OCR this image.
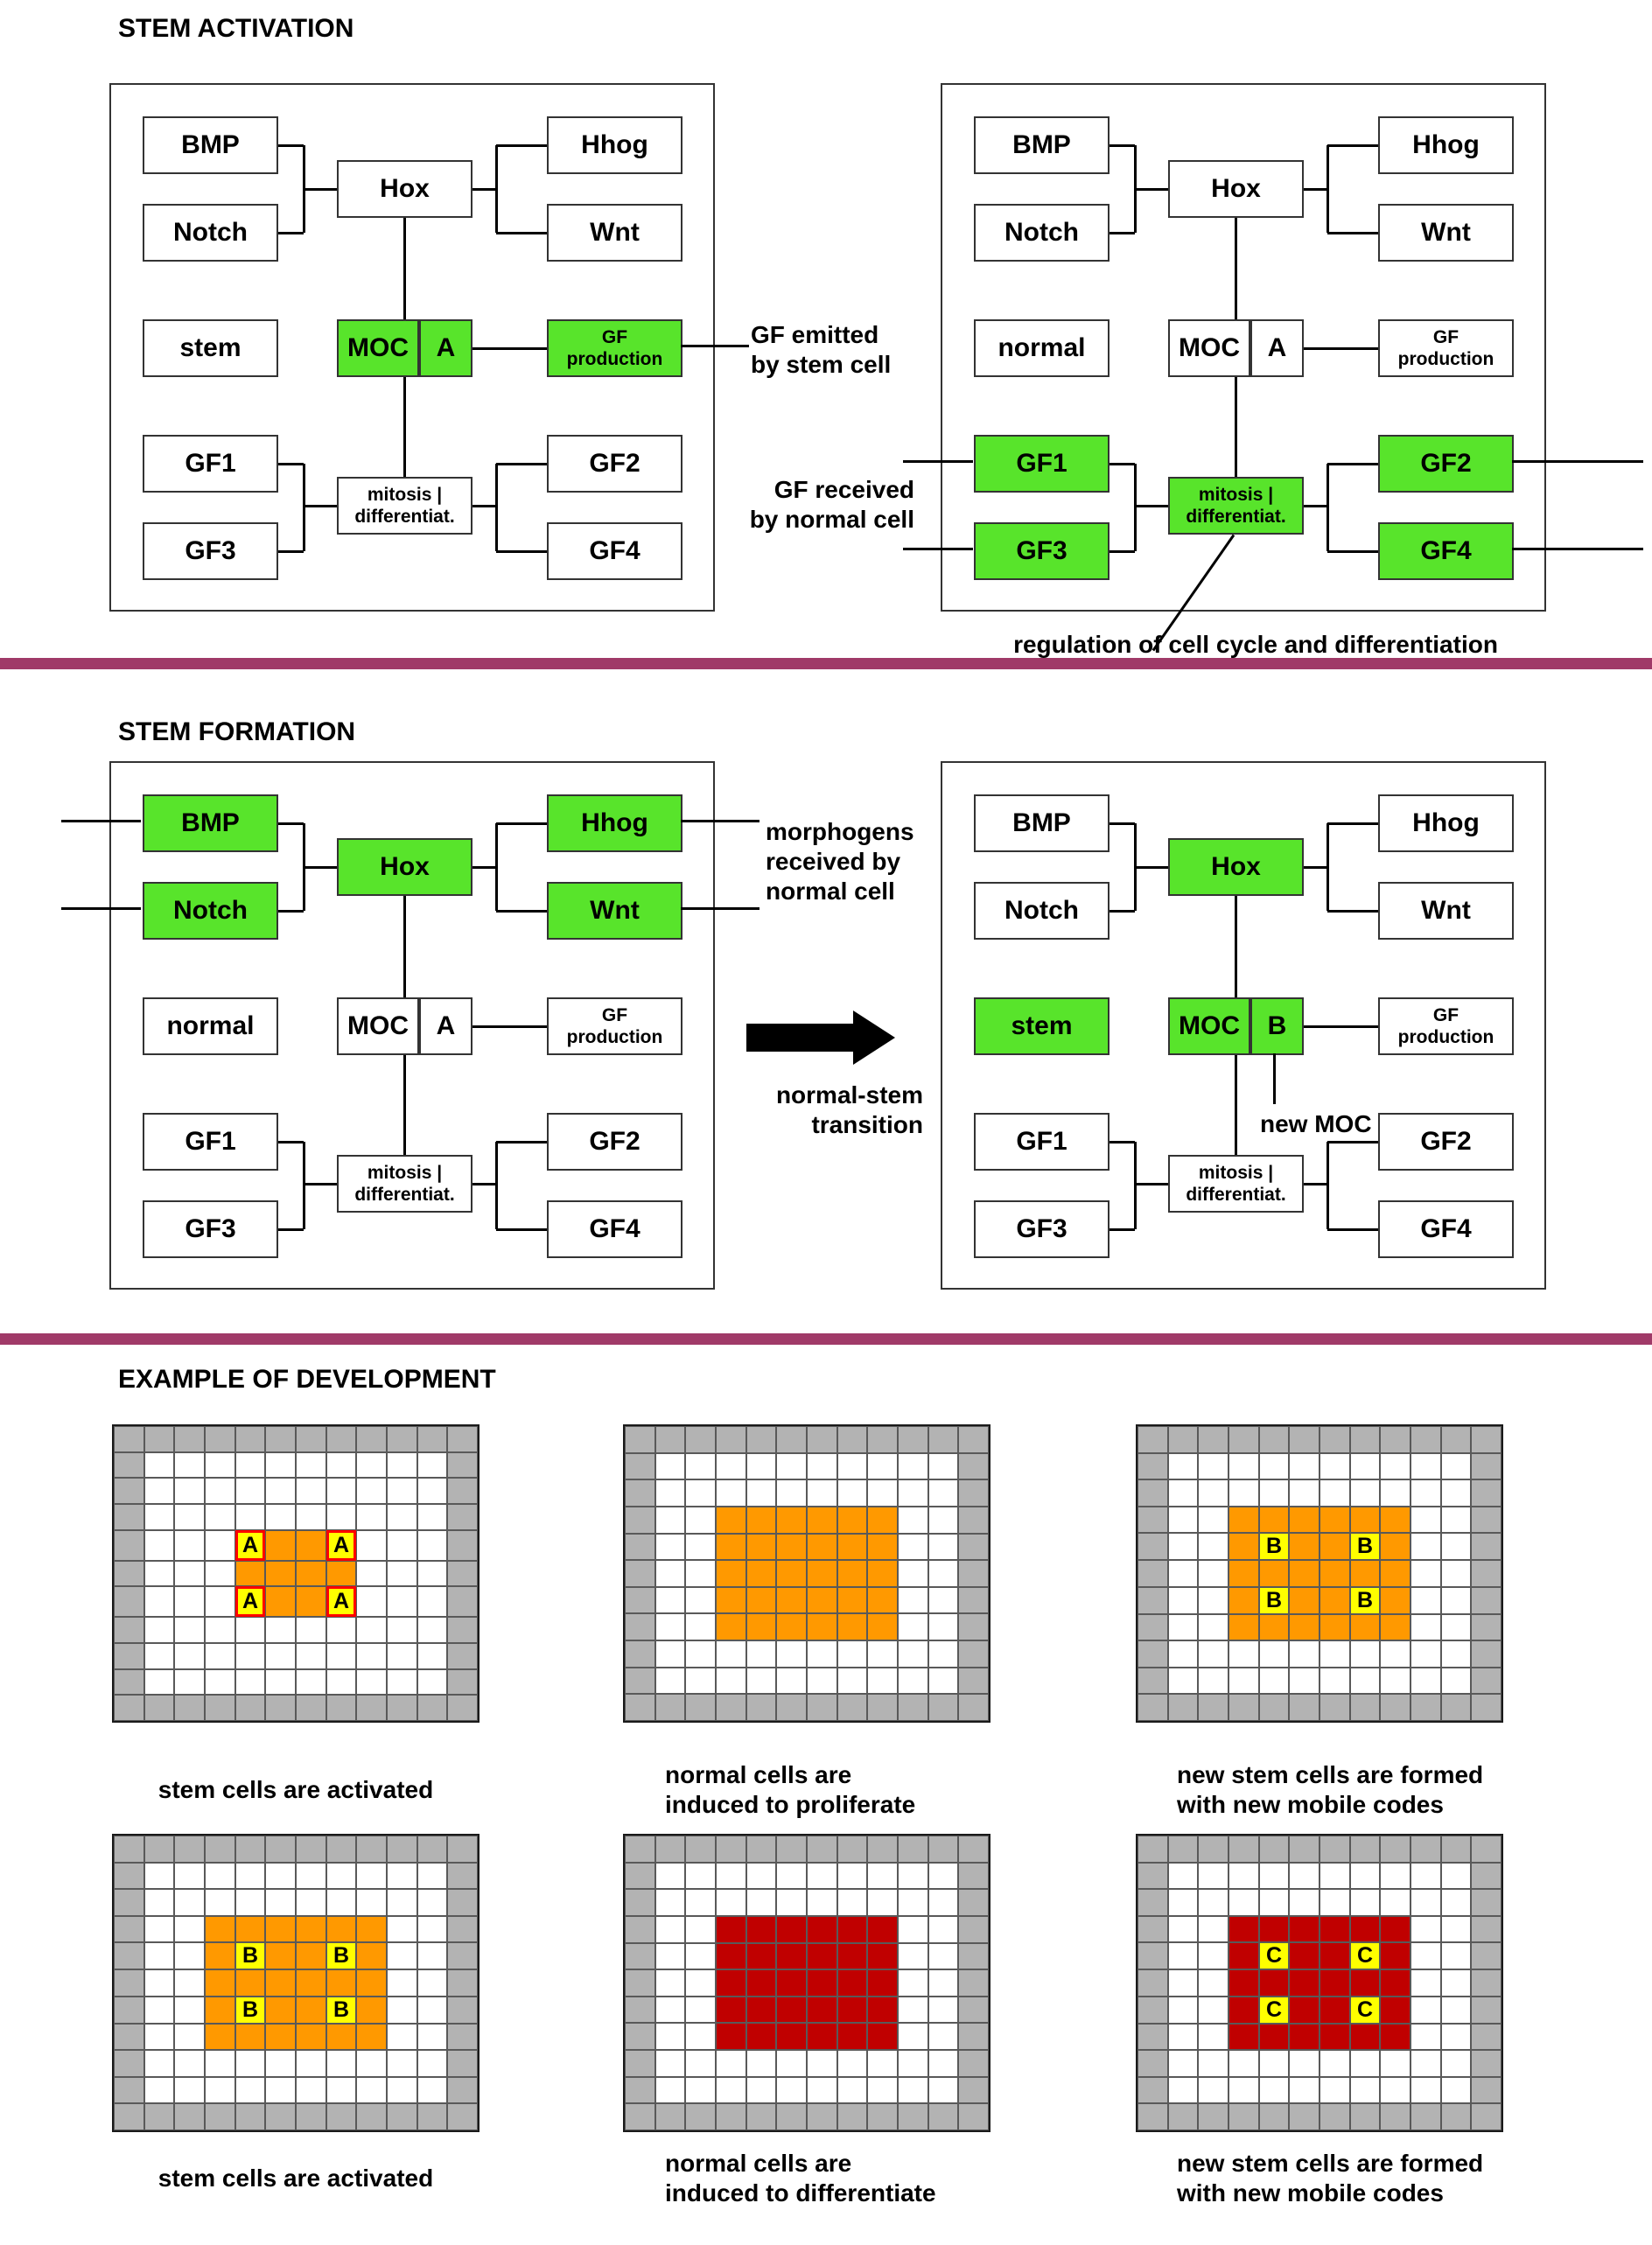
STEM ACTIVATION
BMP
Notch
Hox
Hhog
Wnt
stem	MOC A	GF
production
GF1
GF3
mitosis |
differentiat.
GF2
GF4
BMP
Notch
Hox
Hhog
Wnt
normal	MOC A	GF
production
GF1
GF3
mitosis |
differentiat.
GF2
GF4
GF emitted
by stem cell
GF received
by normal cell
regulation of cell cycle and differentiation
STEM FORMATION
BMP
Notch
Hox
Hhog
Wnt
normal	MOC A	GF
production
GF1
GF3
mitosis |
differentiat.
GF2
GF4
BMP
Notch
Hox
Hhog
Wnt
stem	MOC B	GF
production
GF1
GF3
mitosis |
differentiat.
GF2
GF4
morphogens
received by
normal cell
normal-stem
transition	new MOC
EXAMPLE OF DEVELOPMENT
A	A
A	A
B	B
B	B
B	B
B	B
C	C
C	C
stem cells are activated
normal cells are
induced to proliferate
new stem cells are formed
with new mobile codes
stem cells are activated
normal cells are
induced to differentiate
new stem cells are formed
with new mobile codes
